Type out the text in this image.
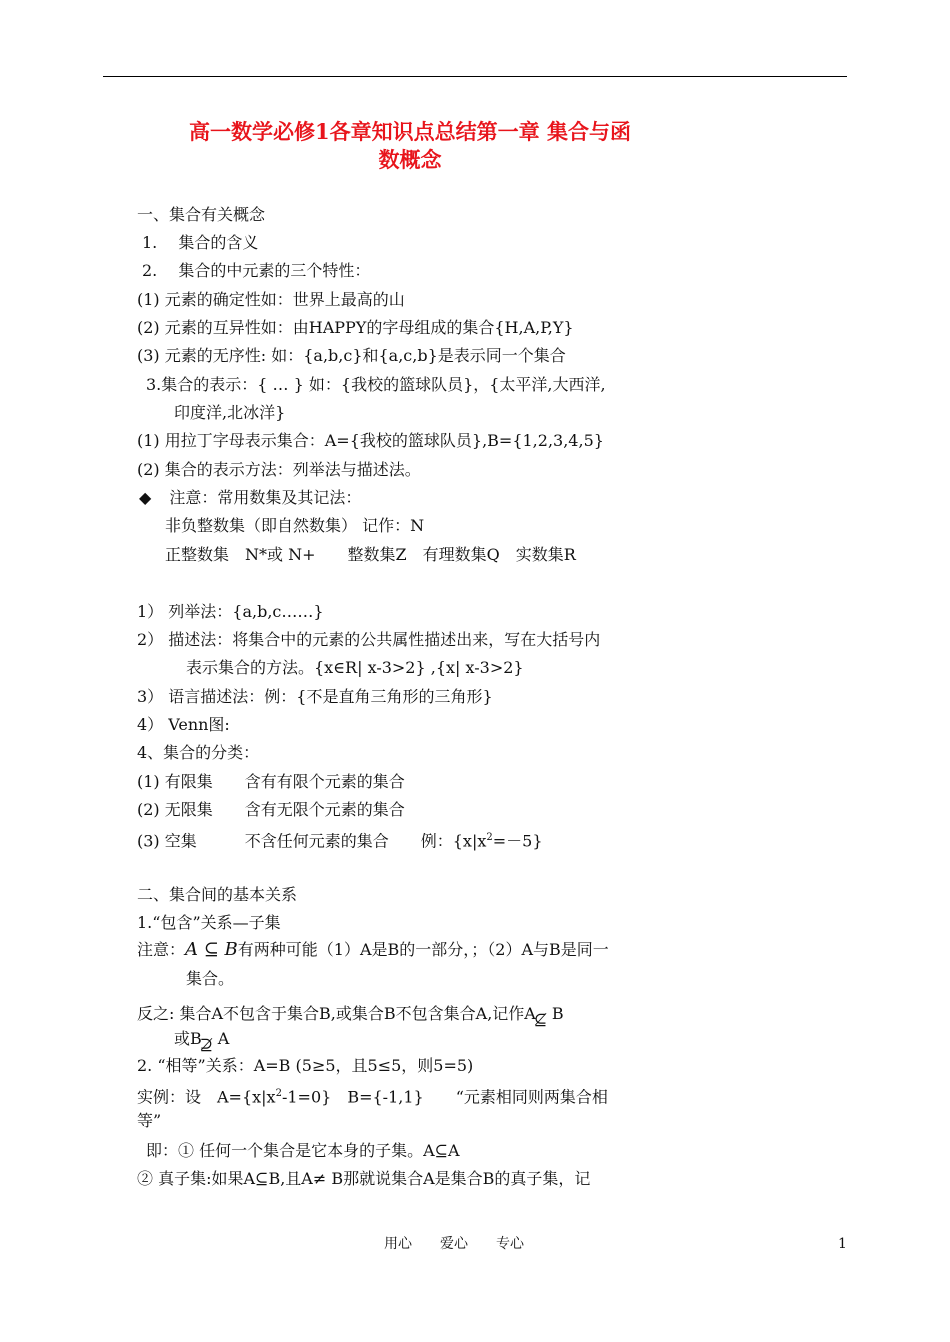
高一数学必修1各章知识点总结第一章 集合与函
数概念
一、集合有关概念
1.　 集合的含义
2.　 集合的中元素的三个特性：
(1) 元素的确定性如：世界上最高的山
(2) 元素的互异性如：由HAPPY的字母组成的集合{H,A,P,Y}
(3) 元素的无序性: 如：{a,b,c}和{a,c,b}是表示同一个集合
3.集合的表示：{ … } 如：{我校的篮球队员}，{太平洋,大西洋,
印度洋,北冰洋}
(1) 用拉丁字母表示集合：A={我校的篮球队员},B={1,2,3,4,5}
(2) 集合的表示方法：列举法与描述法。
◆ 注意：常用数集及其记法：
非负整数集（即自然数集） 记作：N
正整数集　N*或 N+　　整数集Z　有理数集Q　实数集R
1） 列举法：{a,b,c……}
2） 描述法：将集合中的元素的公共属性描述出来，写在大括号内
表示集合的方法。{x∈R| x-3>2} ,{x| x-3>2}
3） 语言描述法：例：{不是直角三角形的三角形}
4） Venn图:
4、集合的分类：
(1) 有限集　　含有有限个元素的集合
(2) 无限集　　含有无限个元素的集合
(3) 空集　　　不含任何元素的集合　　例：$\{x|x^2=-5\}$
二、集合间的基本关系
1.“包含”关系—子集
注意：A ⊆ B有两种可能（1）A是B的一部分，；（2）A与B是同一
集合。
反之: 集合A不包含于集合B,或集合B不包含集合A,记作A
⊈ B
或B
⊉ A
2. “相等”关系：A=B (5≥5，且5≤5，则5=5)
实例：设　$A=\{x|x^2-1=0\}$　B={-1,1}　　“元素相同则两集合相
等”
即：① 任何一个集合是它本身的子集。A⊆A
② 真子集:如果A⊆B,且A≠ B那就说集合A是集合B的真子集，记
用心　　爱心　　专心	1
